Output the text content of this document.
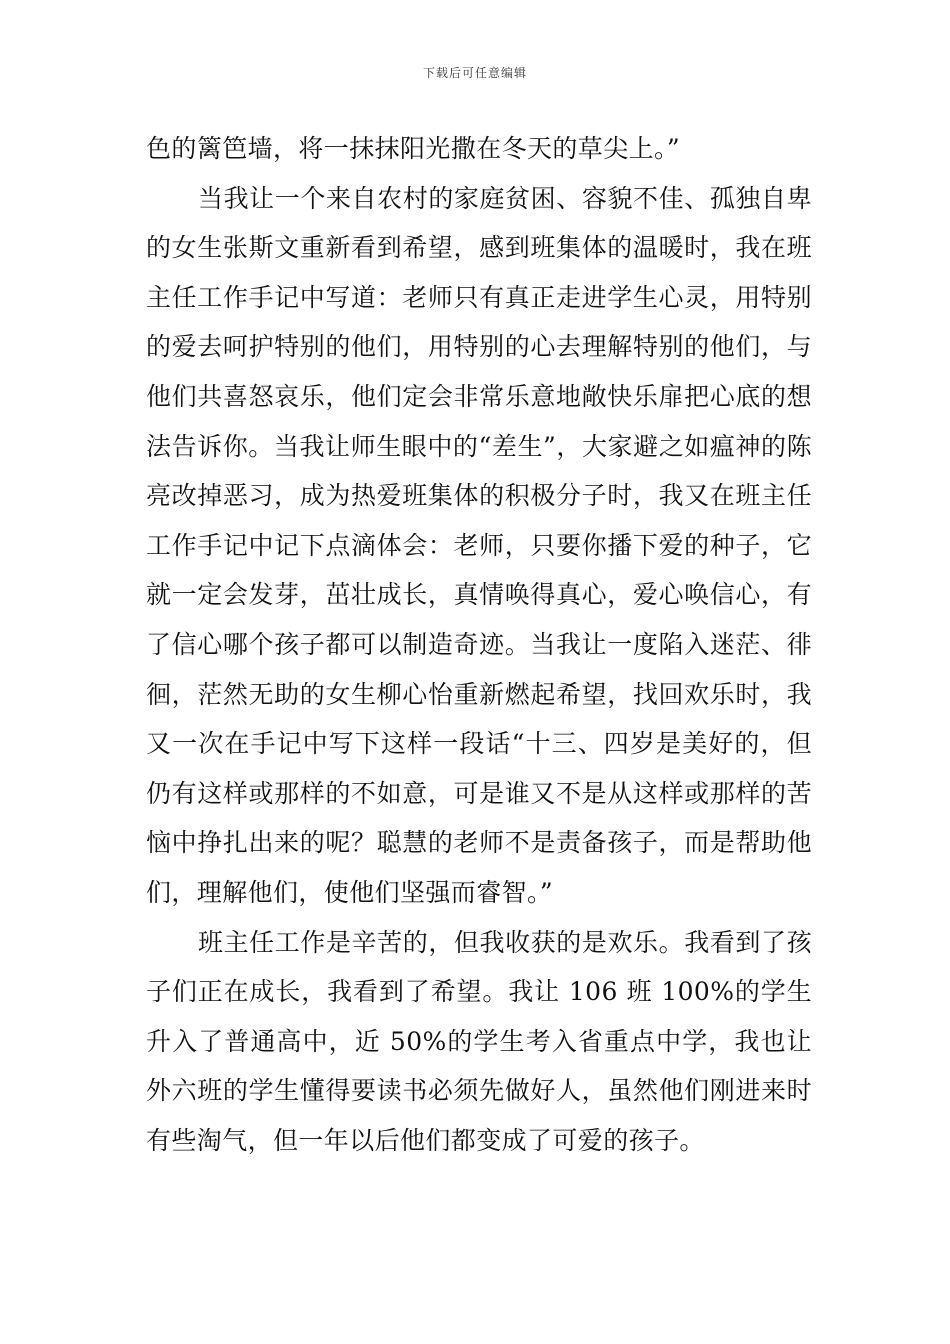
下载后可任意编辑

色的篱笆墙，将一抹抹阳光撒在冬天的草尖上。”

当我让一个来自农村的家庭贫困、容貌不佳、孤独自卑的女生张斯文重新看到希望，感到班集体的温暖时，我在班主任工作手记中写道：老师只有真正走进学生心灵，用特别的爱去呵护特别的他们，用特别的心去理解特别的他们，与他们共喜怒哀乐，他们定会非常乐意地敞快乐扉把心底的想法告诉你。当我让师生眼中的“差生”，大家避之如瘟神的陈亮改掉恶习，成为热爱班集体的积极分子时，我又在班主任工作手记中记下点滴体会：老师，只要你播下爱的种子，它就一定会发芽，茁壮成长，真情唤得真心，爱心唤信心，有了信心哪个孩子都可以制造奇迹。当我让一度陷入迷茫、徘徊，茫然无助的女生柳心怡重新燃起希望，找回欢乐时，我又一次在手记中写下这样一段话“十三、四岁是美好的，但仍有这样或那样的不如意，可是谁又不是从这样或那样的苦恼中挣扎出来的呢？聪慧的老师不是责备孩子，而是帮助他们，理解他们，使他们坚强而睿智。”

班主任工作是辛苦的，但我收获的是欢乐。我看到了孩子们正在成长，我看到了希望。我让 106 班 100%的学生升入了普通高中，近 50%的学生考入省重点中学，我也让外六班的学生懂得要读书必须先做好人，虽然他们刚进来时有些淘气，但一年以后他们都变成了可爱的孩子。
